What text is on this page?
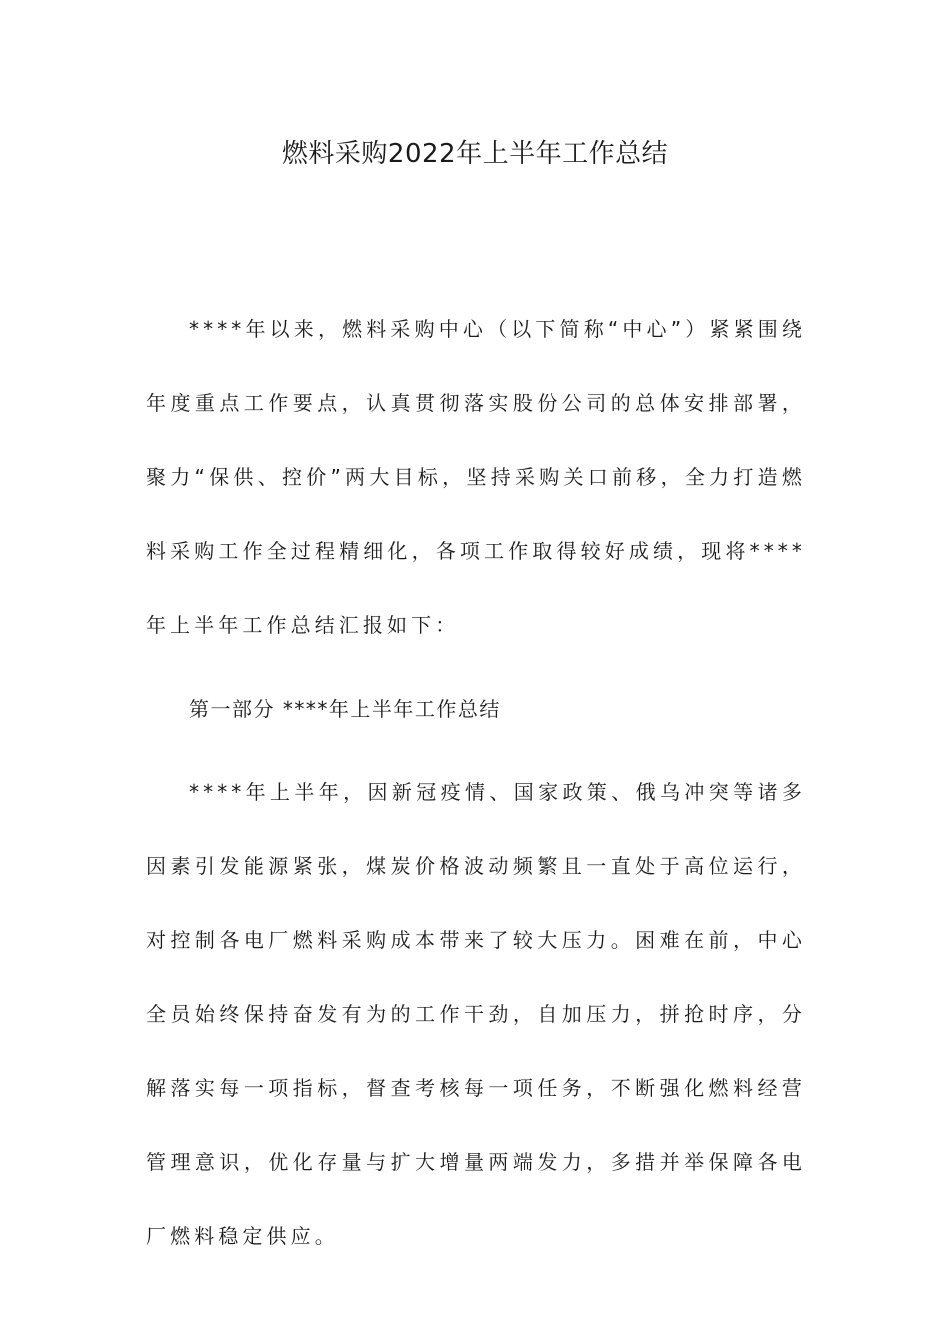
燃料采购2022年上半年工作总结

****年以来，燃料采购中心（以下简称“中心”）紧紧围绕年度重点工作要点，认真贯彻落实股份公司的总体安排部署，聚力“保供、控价”两大目标，坚持采购关口前移，全力打造燃料采购工作全过程精细化，各项工作取得较好成绩，现将****年上半年工作总结汇报如下：

第一部分 ****年上半年工作总结

****年上半年，因新冠疫情、国家政策、俄乌冲突等诸多因素引发能源紧张，煤炭价格波动频繁且一直处于高位运行，对控制各电厂燃料采购成本带来了较大压力。困难在前，中心全员始终保持奋发有为的工作干劲，自加压力，拼抢时序，分解落实每一项指标，督查考核每一项任务，不断强化燃料经营管理意识，优化存量与扩大增量两端发力，多措并举保障各电厂燃料稳定供应。
